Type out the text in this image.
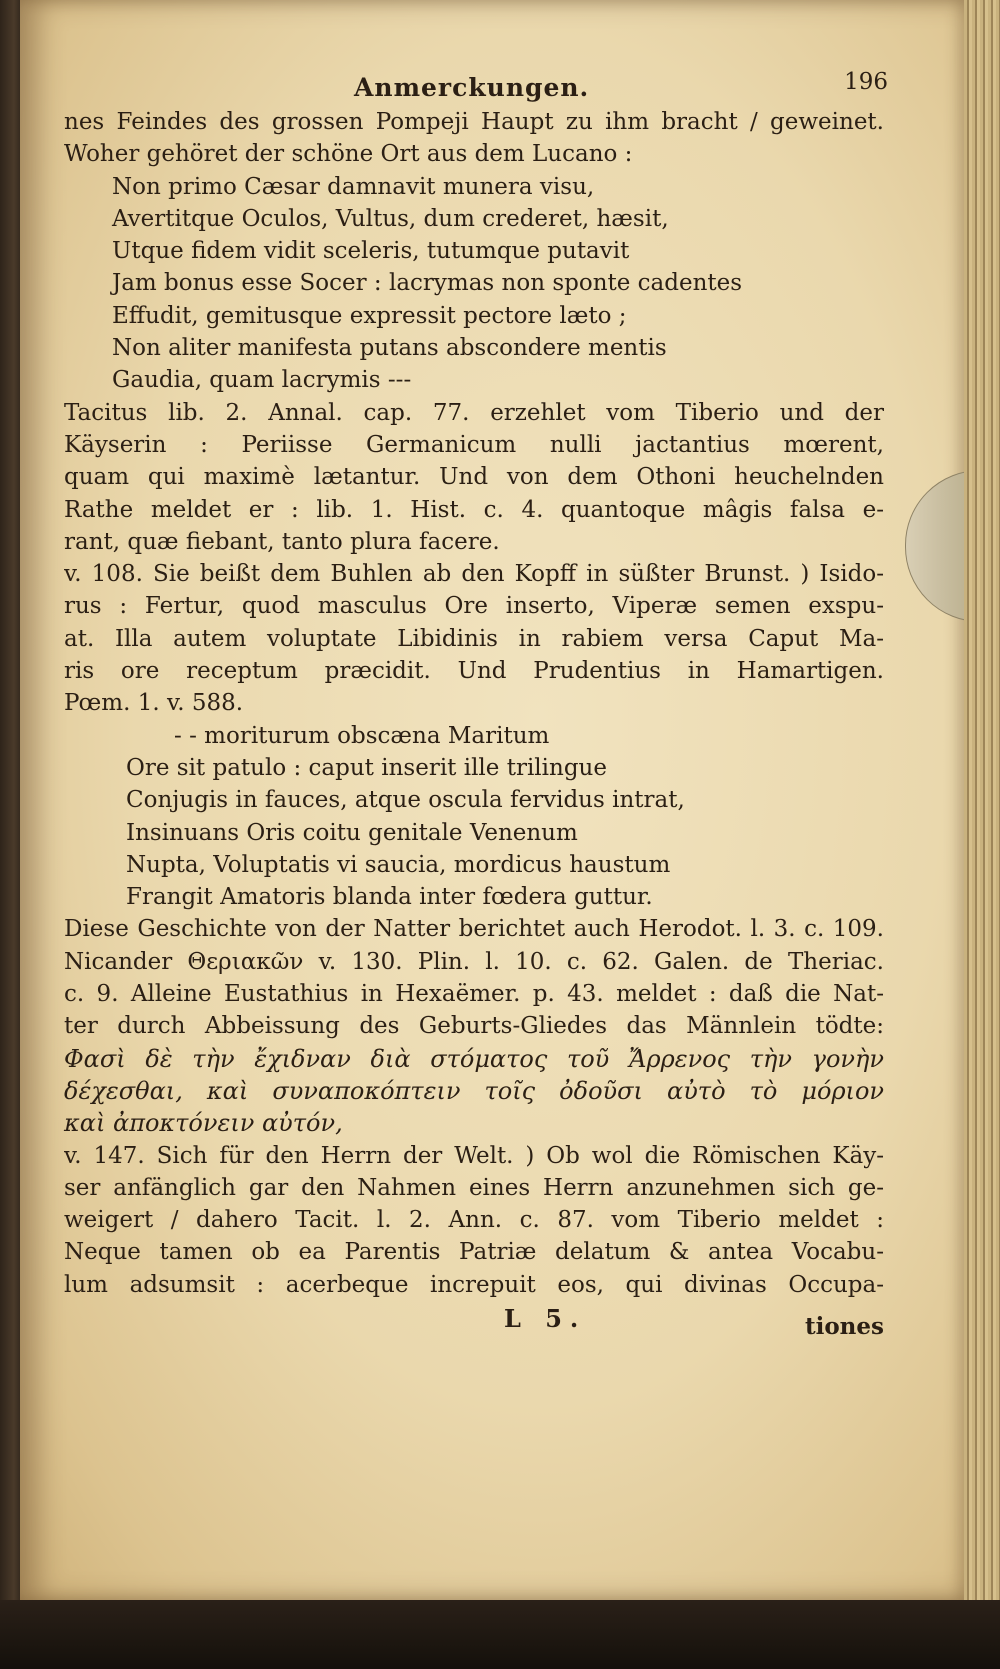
Anmerckungen.	196
nes Feindes des grossen Pompeji Haupt zu ihm bracht / geweinet.
Woher gehöret der schöne Ort aus dem Lucano :
Non primo Cæsar damnavit munera visu,
Avertitque Oculos, Vultus, dum crederet, hæsit,
Utque fidem vidit sceleris, tutumque putavit
Jam bonus esse Socer : lacrymas non sponte cadentes
Effudit, gemitusque expressit pectore læto ;
Non aliter manifesta putans abscondere mentis
Gaudia, quam lacrymis ---
Tacitus lib. 2. Annal. cap. 77. erzehlet vom Tiberio und der
Käyserin : Periisse Germanicum nulli jactantius mœrent,
quam qui maximè lætantur. Und von dem Othoni heuchelnden
Rathe meldet er : lib. 1. Hist. c. 4. quantoque mâgis falsa e-
rant, quæ fiebant, tanto plura facere.
v. 108. Sie beißt dem Buhlen ab den Kopff in süßter Brunst. ) Isido-
rus : Fertur, quod masculus Ore inserto, Viperæ semen exspu-
at. Illa autem voluptate Libidinis in rabiem versa Caput Ma-
ris ore receptum præcidit. Und Prudentius in Hamartigen.
Pœm. 1. v. 588.
- - moriturum obscæna Maritum
Ore sit patulo : caput inserit ille trilingue
Conjugis in fauces, atque oscula fervidus intrat,
Insinuans Oris coitu genitale Venenum
Nupta, Voluptatis vi saucia, mordicus haustum
Frangit Amatoris blanda inter fœdera guttur.
Diese Geschichte von der Natter berichtet auch Herodot. l. 3. c. 109.
Nicander Θεριακῶν v. 130. Plin. l. 10. c. 62. Galen. de Theriac.
c. 9. Alleine Eustathius in Hexaëmer. p. 43. meldet : daß die Nat-
ter durch Abbeissung des Geburts-Gliedes das Männlein tödte:
Φασὶ δὲ τὴν ἔχιδναν διὰ στόματος τοῦ Ἄρρενος τὴν γονὴν
δέχεσθαι, καὶ συναποκόπτειν τοῖς ὀδοῦσι αὐτὸ τὸ μόριον
καὶ ἀποκτόνειν αὐτόν,
v. 147. Sich für den Herrn der Welt. ) Ob wol die Römischen Käy-
ser anfänglich gar den Nahmen eines Herrn anzunehmen sich ge-
weigert / dahero Tacit. l. 2. Ann. c. 87. vom Tiberio meldet :
Neque tamen ob ea Parentis Patriæ delatum & antea Vocabu-
lum adsumsit : acerbeque increpuit eos, qui divinas Occupa-
L 5.	tiones
